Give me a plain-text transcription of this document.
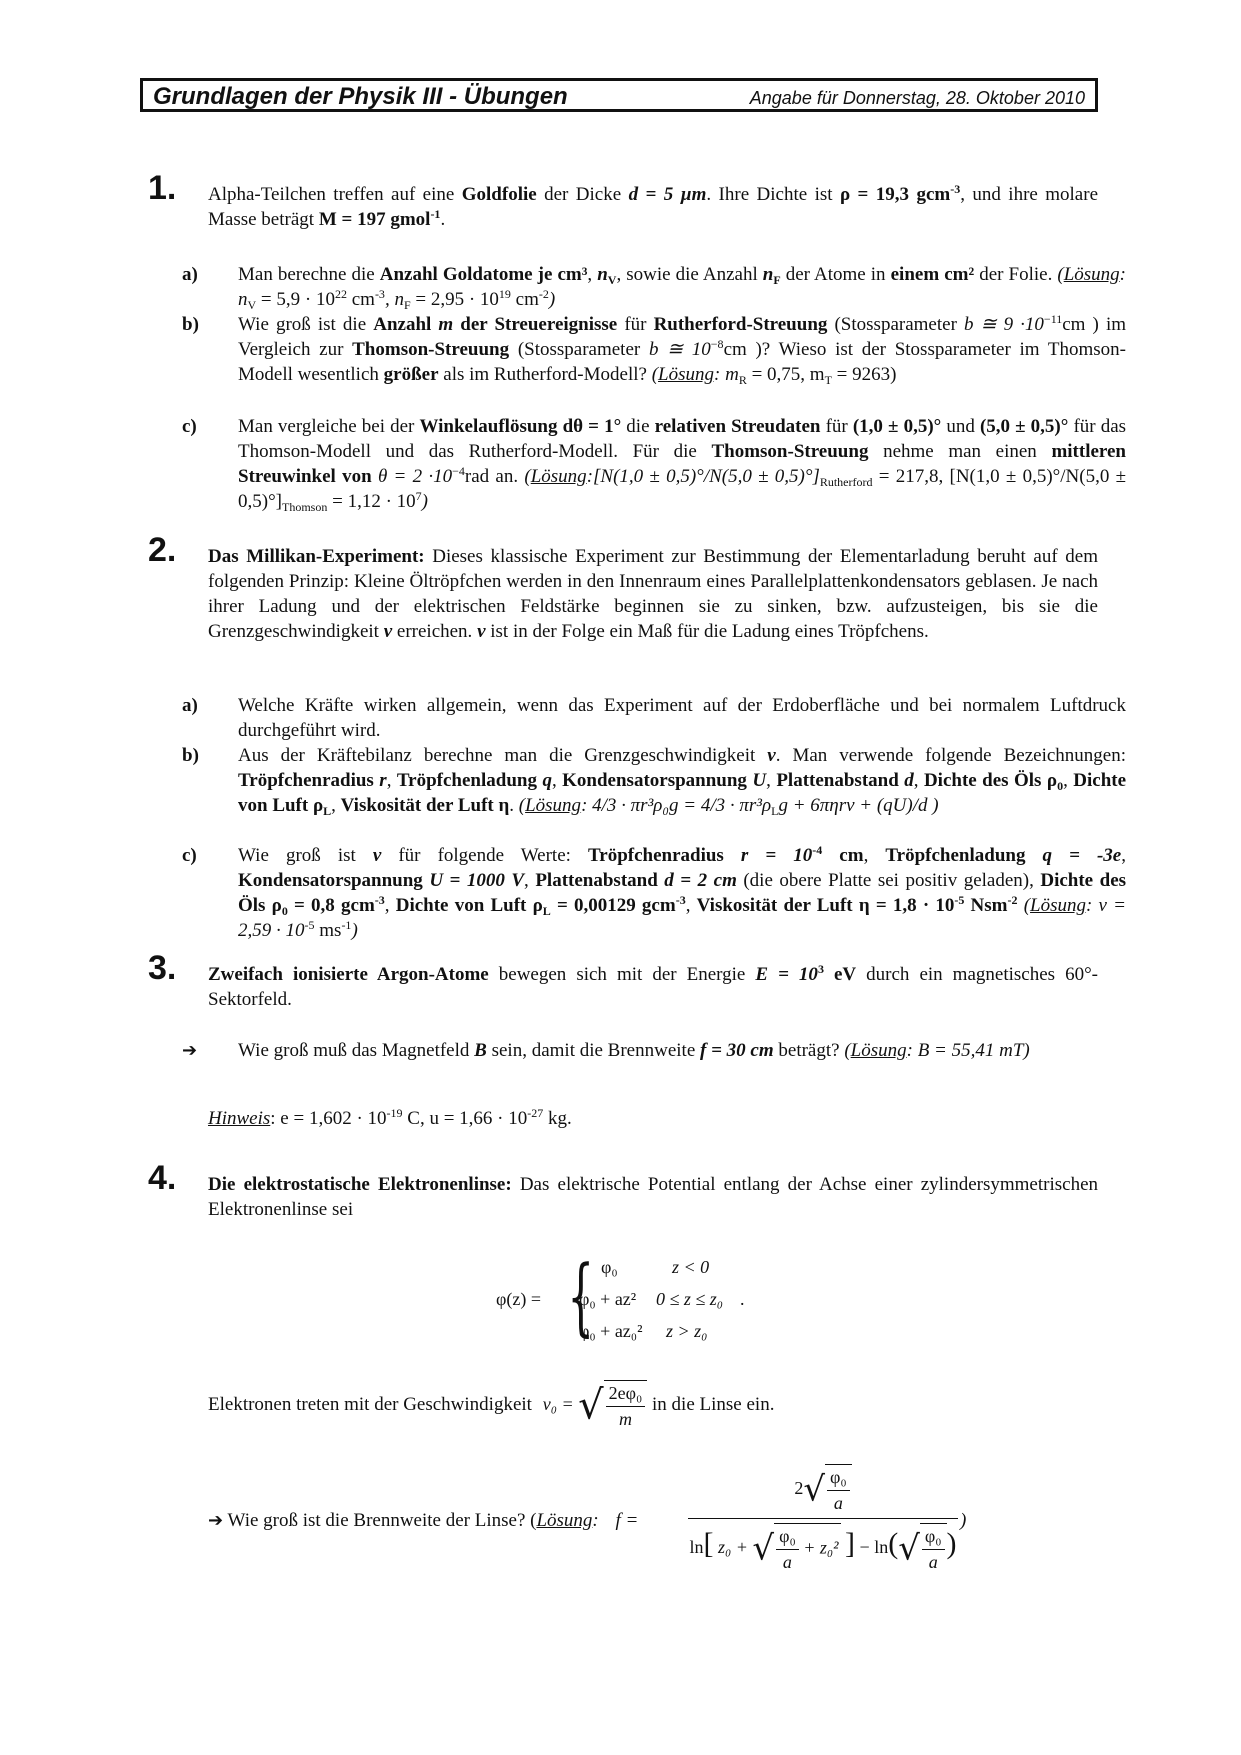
Grundlagen der Physik III - Übungen	Angabe für Donnerstag, 28. Oktober 2010
1. Alpha-Teilchen treffen auf eine Goldfolie der Dicke d = 5 µm. Ihre Dichte ist ρ = 19,3 gcm$^{-3}$, und ihre molare Masse beträgt M = 197 gmol$^{-1}$.
a) Man berechne die Anzahl Goldatome je cm³, $n_V$, sowie die Anzahl $n_F$ der Atome in einem cm² der Folie. (Lösung: $n_V = 5,9 \cdot 10^{22}$ $cm^{-3}$, $n_F = 2,95 \cdot 10^{19}$ $cm^{-2}$)
b) Wie groß ist die Anzahl m der Streuereignisse für Rutherford-Streuung (Stossparameter b ≅ $9 \cdot 10^{-11}cm$ ) im Vergleich zur Thomson-Streuung (Stossparameter b ≅ $10^{-8}cm$ )? Wieso ist der Stossparameter im Thomson-Modell wesentlich größer als im Rutherford-Modell? (Lösung: $m_R = 0,75$, $m_T = 9263$)
c) Man vergleiche bei der Winkelauflösung dθ = 1° die relativen Streudaten für (1,0 ± 0,5)° und (5,0 ± 0,5)° für das Thomson-Modell und das Rutherford-Modell. Für die Thomson-Streuung nehme man einen mittleren Streuwinkel von $\theta = 2 \cdot 10^{-4}rad$ an. (Lösung:[N(1,0 ± $0,5)^\circ/N(5,0 \pm 0,5)^\circ]_{Rutherford} = 217,8$, $[N(1,0 \pm 0,5)^\circ/N(5,0 \pm 0,5)^\circ]_{Thomson} = 1,12 \cdot 10^7$)
2. Das Millikan-Experiment: Dieses klassische Experiment zur Bestimmung der Elementarladung beruht auf dem folgenden Prinzip: Kleine Öltröpfchen werden in den Innenraum eines Parallelplattenkondensators geblasen. Je nach ihrer Ladung und der elektrischen Feldstärke beginnen sie zu sinken, bzw. aufzusteigen, bis sie die Grenzgeschwindigkeit v erreichen. v ist in der Folge ein Maß für die Ladung eines Tröpfchens.
a) Welche Kräfte wirken allgemein, wenn das Experiment auf der Erdoberfläche und bei normalem Luftdruck durchgeführt wird.
b) Aus der Kräftebilanz berechne man die Grenzgeschwindigkeit v. Man verwende folgende Bezeichnungen: Tröpfchenradius r, Tröpfchenladung q, Kondensatorspannung U, Plattenabstand d, Dichte des Öls $\rho_0$, Dichte von Luft $\rho_L$, Viskosität der Luft η. (Lösung: $4/3 \cdot \pi r^3\rho_0g = 4/3 \cdot \pi r^3\rho_Lg + 6\pi\eta rv + (qU)/d$ )
c) Wie groß ist v für folgende Werte: Tröpfchenradius $r = 10^{-4}$ cm, Tröpfchenladung q = -3e, Kondensatorspannung U = 1000 V, Plattenabstand d = 2 cm (die obere Platte sei positiv geladen), Dichte des Öls $\rho_0 = 0,8$ gcm$^{-3}$, Dichte von Luft $\rho_L = 0,00129$ gcm$^{-3}$, Viskosität der Luft $\eta = 1,8 \cdot 10^{-5}$ Nsm$^{-2}$ (Lösung: $v = 2,59 \cdot 10^{-5}$ $ms^{-1}$)
3. Zweifach ionisierte Argon-Atome bewegen sich mit der Energie $E = 10^3$ eV durch ein magnetisches 60°-Sektorfeld.
➔ Wie groß muß das Magnetfeld B sein, damit die Brennweite f = 30 cm beträgt? (Lösung: B = 55,41 mT)
Hinweis: $e = 1,602 \cdot 10^{-19}$ C, $u = 1,66 \cdot 10^{-27}$ kg.
4. Die elektrostatische Elektronenlinse: Das elektrische Potential entlang der Achse einer zylindersymmetrischen Elektronenlinse sei
φ(z) = { φ₀	z < 0
φ₀ + az² 0 ≤ z ≤ z₀ .
φ₀ + az₀² z > z₀
Elektronen treten mit der Geschwindigkeit v₀ = √ $\frac{\text{2eφ₀}}{m}$ in die Linse ein.
➔ Wie groß ist die Brennweite der Linse? (Lösung: f =
$2√ \frac{\text{φ₀}}{a}$
ln[ z₀ + √ $\frac{\text{φ₀}}{a} + z_0^2$ ] − $\ln(√ \frac{\text{φ₀}}{a}$ )
)
